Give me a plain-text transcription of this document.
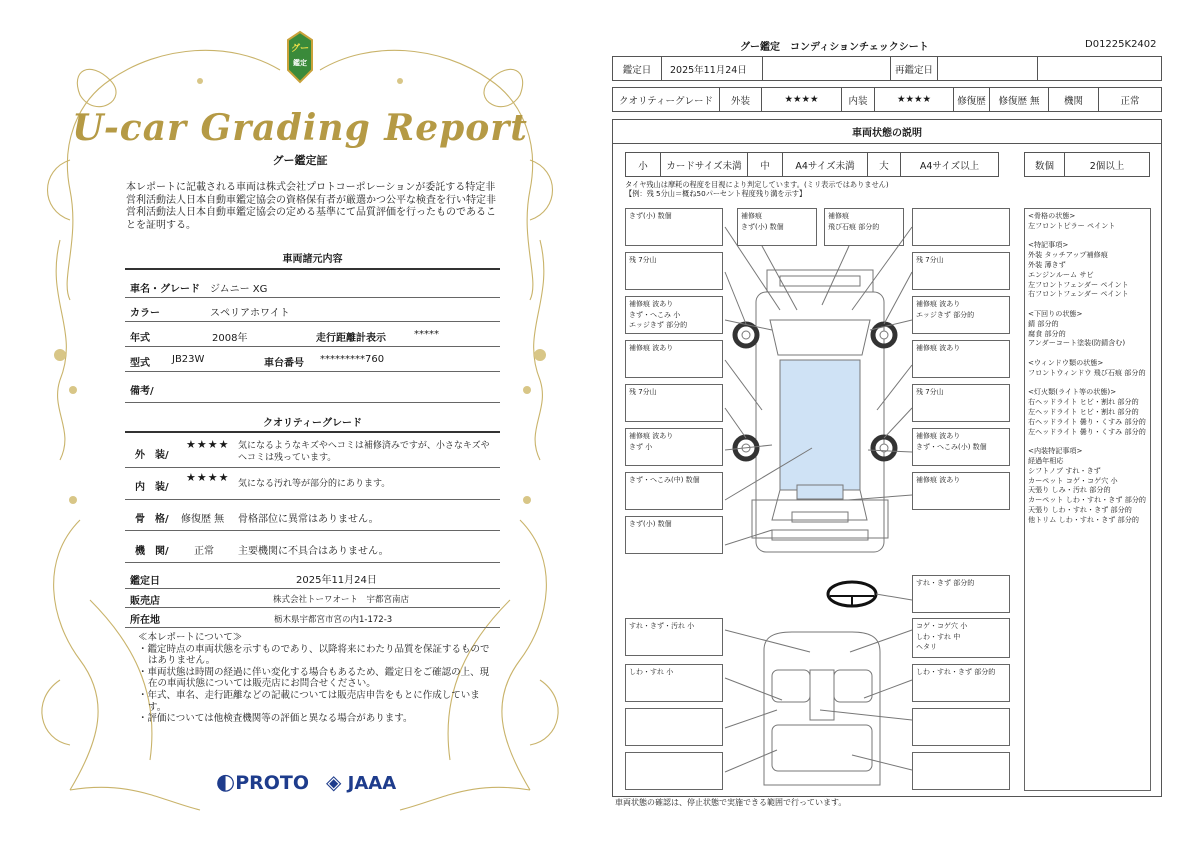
グー
鑑定
U-car Grading Report
グー鑑定証
本レポートに記載される車両は株式会社プロトコーポレーションが委託する特定非営利活動法人日本自動車鑑定協会の資格保有者が厳選かつ公平な検査を行い特定非営利活動法人日本自動車鑑定協会の定める基準にて品質評価を行ったものであることを証明する。
車両諸元内容
車名・グレード ジムニー XG
カラー	スペリアホワイト
年式	2008年	走行距離計表示	*****
型式 JB23W	車台番号 *********760
備考/
クオリティーグレード
外　装/
★★★★ 気になるようなキズやヘコミは補修済みですが、小さなキズやヘコミは残っています。
内　装/
★★★★ 気になる汚れ等が部分的にあります。
骨　格/ 修復歴 無 骨格部位に異常はありません。
機　関/	正常 主要機関に不具合はありません。
鑑定日	2025年11月24日
販売店	株式会社トーワオート　宇都宮南店
所在地	栃木県宇都宮市宮の内1-172-3
≪本レポートについて≫
・鑑定時点の車両状態を示すものであり、以降将来にわたり品質を保証するものではありません。
・車両状態は時間の経過に伴い変化する場合もあるため、鑑定日をご確認の上、現在の車両状態については販売店にお問合せください。
・年式、車名、走行距離などの記載については販売店申告をもとに作成しています。
・評価については他検査機関等の評価と異なる場合があります。
◐PROTO ◈ JAAA
グー鑑定　コンディションチェックシート	D01225K2402
鑑定日	2025年11月24日	再鑑定日
クオリティーグレード	外装	★★★★	内装	★★★★	修復歴	修復歴 無	機関	正常
車両状態の説明
小	カードサイズ未満	中	A4サイズ未満	大	A4サイズ以上	数個	2個以上
タイヤ残山は摩耗の程度を目視により判定しています。(ミリ表示ではありません)
【例：残 5分山＝概ね50パーセント程度残り溝を示す】
きず(小) 数個
残 7分山
補修痕 波あり
きず・へこみ 小
エッジきず 部分的
補修痕 波あり
残 7分山
補修痕 波あり
きず 小
きず・へこみ(中) 数個
きず(小) 数個
補修痕
きず(小) 数個
補修痕
飛び石痕 部分的
残 7分山
補修痕 波あり
エッジきず 部分的
補修痕 波あり
残 7分山
補修痕 波あり
きず・へこみ(小) 数個
補修痕 波あり
すれ・きず・汚れ 小
しわ・すれ 小
すれ・きず 部分的
コゲ・コゲ穴 小
しわ・すれ 中
ヘタリ
しわ・すれ・きず 部分的
<骨格の状態>
左フロントピラー ペイント

<特記事項>
外装 タッチアップ補修痕
外装 薄きず
エンジンルーム サビ
左フロントフェンダー ペイント
右フロントフェンダー ペイント
<下回りの状態>
錆 部分的
腐食 部分的
アンダーコート塗装(防錆含む)
<ウィンドウ類の状態>
フロントウィンドウ 飛び石痕 部分的
<灯火類(ライト等の状態)>
右ヘッドライト ヒビ・割れ 部分的
左ヘッドライト ヒビ・割れ 部分的
右ヘッドライト 曇り・くすみ 部分的
左ヘッドライト 曇り・くすみ 部分的
<内装特記事項>
経過年相応
シフトノブ すれ・きず
カーペット コゲ・コゲ穴 小
天張り しみ・汚れ 部分的
カーペット しわ・すれ・きず 部分的
天張り しわ・すれ・きず 部分的
他トリム しわ・すれ・きず 部分的
車両状態の確認は、停止状態で実施できる範囲で行っています。
